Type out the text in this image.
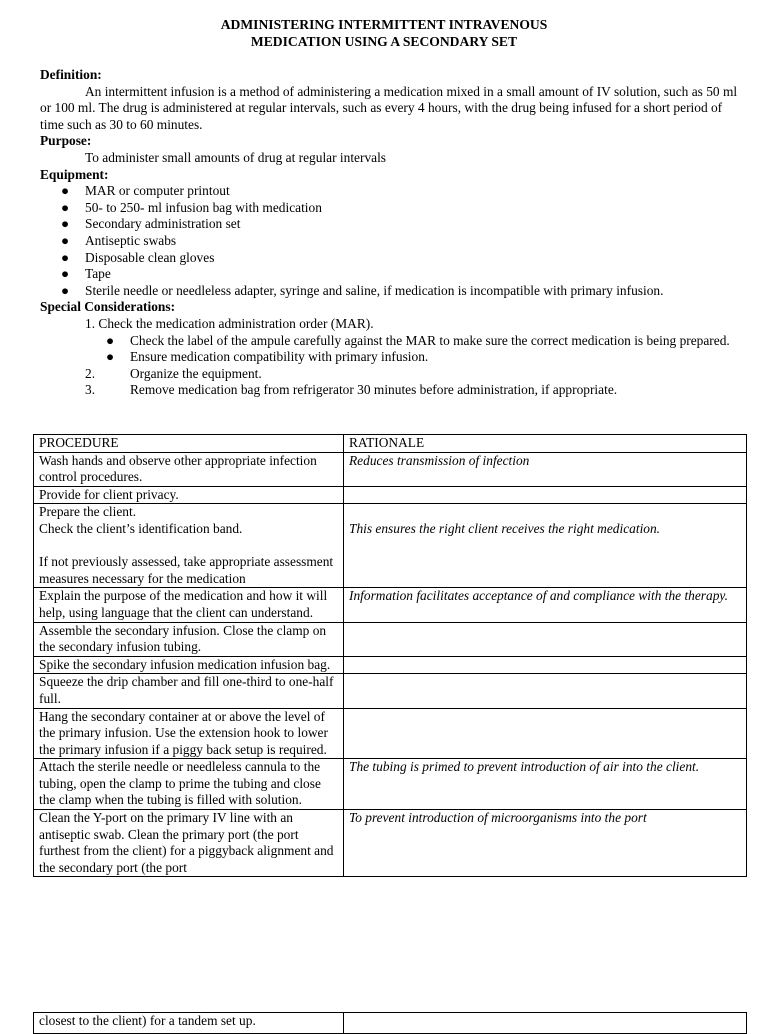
ADMINISTERING INTERMITTENT INTRAVENOUS
MEDICATION USING A SECONDARY SET
Definition:
An intermittent infusion is a method of administering a medication mixed in a small amount of IV solution, such as 50 ml or 100 ml. The drug is administered at regular intervals, such as every 4 hours, with the drug being infused for a short period of time such as 30 to 60 minutes.
Purpose:
To administer small amounts of drug at regular intervals
Equipment:
● MAR or computer printout
● 50- to 250- ml infusion bag with medication
● Secondary administration set
● Antiseptic swabs
● Disposable clean gloves
● Tape
● Sterile needle or needleless adapter, syringe and saline, if medication is incompatible with primary infusion.
Special Considerations:
1. Check the medication administration order (MAR).
● Check the label of the ampule carefully against the MAR to make sure the correct medication is being prepared.
● Ensure medication compatibility with primary infusion.
2.	Organize the equipment.
3.	Remove medication bag from refrigerator 30 minutes before administration, if appropriate.
PROCEDURE	RATIONALE
Wash hands and observe other appropriate infection control procedures.	Reduces transmission of infection
Provide for client privacy.	

Prepare the client.
Check the client’s identification band.
If not previously assessed, take appropriate assessment measures necessary for the medication	This ensures the right client receives the right medication.

Explain the purpose of the medication and how it will help, using language that the client can understand.	Information facilitates acceptance of and compliance with the therapy.
Assemble the secondary infusion. Close the clamp on the secondary infusion tubing.	
Spike the secondary infusion medication infusion bag.	
Squeeze the drip chamber and fill one-third to one-half full.	
Hang the secondary container at or above the level of the primary infusion. Use the extension hook to lower the primary infusion if a piggy back setup is required.	
Attach the sterile needle or needleless cannula to the tubing, open the clamp to prime the tubing and close the clamp when the tubing is filled with solution.	The tubing is primed to prevent introduction of air into the client.
Clean the Y-port on the primary IV line with an antiseptic swab. Clean the primary port (the port furthest from the client) for a piggyback alignment and the secondary port (the port	To prevent introduction of microorganisms into the port
closest to the client) for a tandem set up.	
